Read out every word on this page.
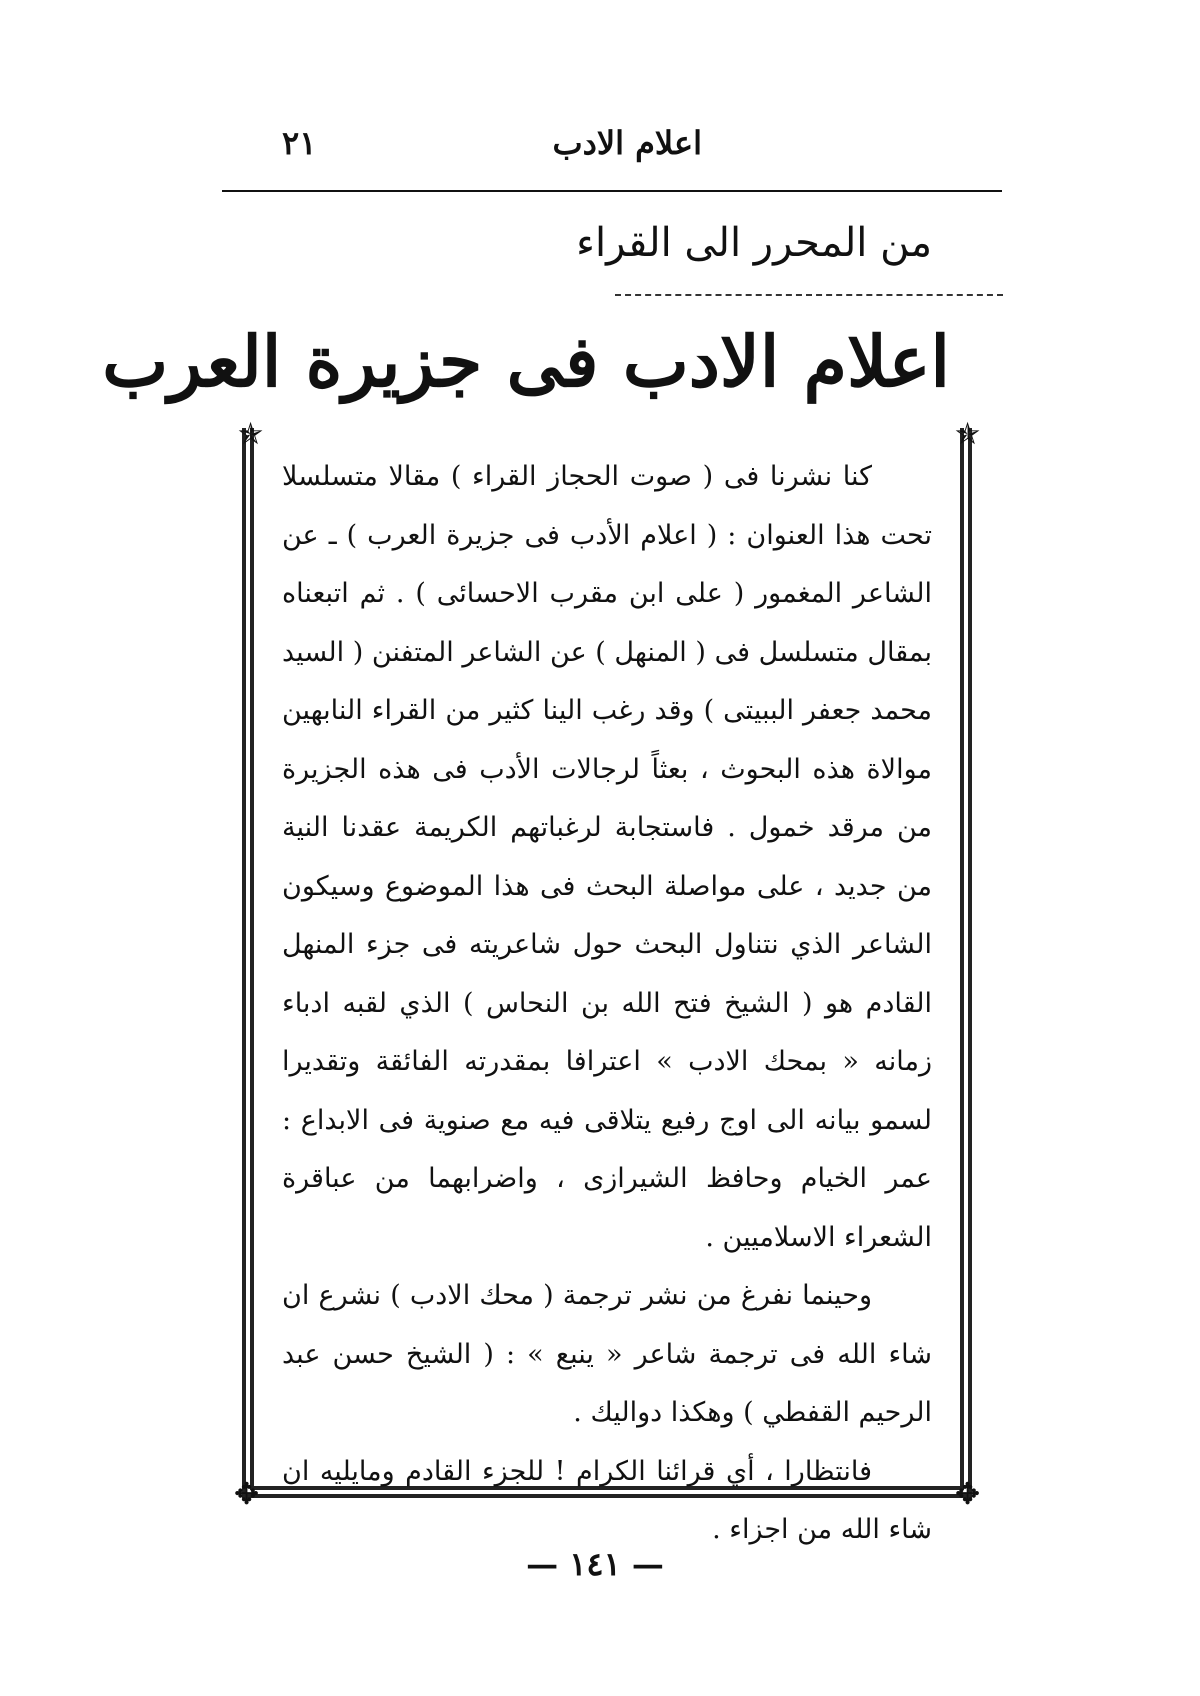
اعلام الادب
٢١
من المحرر الى القراء
اعلام الادب فى جزيرة العرب
✯	✯
✥	✥

كنا نشرنا فى ( صوت الحجاز القراء ) مقالا متسلسلا تحت هذا العنوان : ( اعلام الأدب فى جزيرة العرب ) ـ عن الشاعر المغمور ( على ابن مقرب الاحسائى ) . ثم اتبعناه بمقال متسلسل فى ( المنهل ) عن الشاعر المتفنن ( السيد محمد جعفر الببيتى ) وقد رغب الينا كثير من القراء النابهين موالاة هذه البحوث ، بعثاً لرجالات الأدب فى هذه الجزيرة من مرقد خمول . فاستجابة لرغباتهم الكريمة عقدنا النية من جديد ، على مواصلة البحث فى هذا الموضوع وسيكون الشاعر الذي نتناول البحث حول شاعريته فى جزء المنهل القادم هو ( الشيخ فتح الله بن النحاس ) الذي لقبه ادباء زمانه « بمحك الادب » اعترافا بمقدرته الفائقة وتقديرا لسمو بيانه الى اوج رفيع يتلاقى فيه مع صنوية فى الابداع : عمر الخيام وحافظ الشيرازى ، واضرابهما من عباقرة الشعراء الاسلاميين .

وحينما نفرغ من نشر ترجمة ( محك الادب ) نشرع ان شاء الله فى ترجمة شاعر « ينبع » : ( الشيخ حسن عبد الرحيم القفطي ) وهكذا دواليك .

فانتظارا ، أي قرائنا الكرام ! للجزء القادم ومايليه ان شاء الله من اجزاء .

— ١٤١ —
